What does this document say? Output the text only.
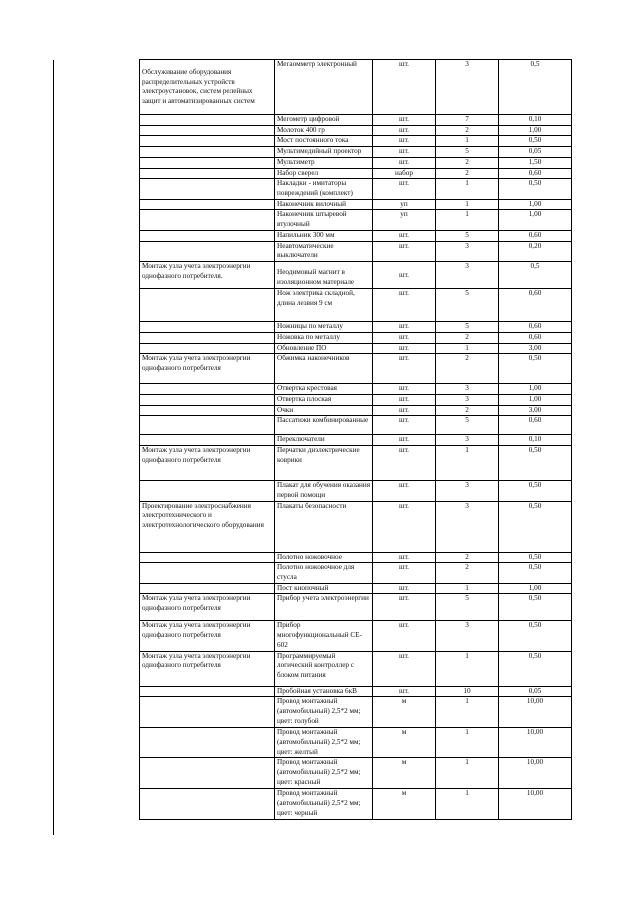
Обслуживание оборудования распределительных устройств электроустановок, систем релейных защит и автоматизированных систем	Мегаомметр электронный	шт.	3	0,5
	Мегометр цифровой	шт.	7	0,10
	Молоток 400 гр	шт.	2	1,00
	Мост постоянного тока	шт.	1	0,50
	Мультимедийный проектор	шт.	5	0,05
	Мультиметр	шт.	2	1,50
	Набор сверел	набор	2	0,60
	Накладки - имитаторы повреждений (комплект)	шт.	1	0,50
	Наконечник вилочный	уп	1	1,00
	Наконечник штыревой втулочный	уп	1	1,00
	Напильник 300 мм	шт.	5	0,60
	Неавтоматические выключатели	шт.	3	0,20
Монтаж узла учета электроэнергии однофазного потребителя.	Неодимовый магнит в изоляционном материале	шт.	3	0,5
	Нож электрика складной, длина лезвия 9 см	шт.	5	0,60
	Ножницы по металлу	шт.	5	0,60
	Ножовка по металлу	шт.	2	0,60
	Обновление ПО	шт.	1	3,00
Монтаж узла учета электроэнергии однофазного потребителя	Обжимка наконечников	шт.	2	0,50
	Отвертка крестовая	шт.	3	1,00
	Отвертка плоская	шт.	3	1,00
	Очки	шт.	2	3,00
	Пассатижи комбинированные	шт.	5	0,60
	Переключатели	шт.	3	0,10
Монтаж узла учета электроэнергии однофазного потребителя	Перчатки диэлектрические коврики	шт.	1	0,50
	Плакат для обучения оказания первой помощи	шт.	3	0,50
Проектирование электроснабжения электротехнического и электротехнологического оборудования	Плакаты безопасности	шт.	3	0,50
	Полотно ножовочное	шт.	2	0,50
	Полотно ножовочное для стусла	шт.	2	0,50
	Пост кнопочный	шт.	1	1,00
Монтаж узла учета электроэнергии однофазного потребителя	Прибор учета электроэнергии	шт.	5	0,50
Монтаж узла учета электроэнергии однофазного потребителя	Прибор многофункциональный CE-602	шт.	3	0,50
Монтаж узла учета электроэнергии однофазного потребителя	Программируемый логический контроллер с блоком питания	шт.	1	0,50
	Пробойная установка 6кВ	шт.	10	0,05
	Провод монтажный (автомобильный) 2,5*2 мм; цвет: голубой	м	1	10,00
	Провод монтажный (автомобильный) 2,5*2 мм; цвет: желтый	м	1	10,00
	Провод монтажный (автомобильный) 2,5*2 мм; цвет: красный	м	1	10,00
	Провод монтажный (автомобильный) 2,5*2 мм; цвет: черный	м	1	10,00
